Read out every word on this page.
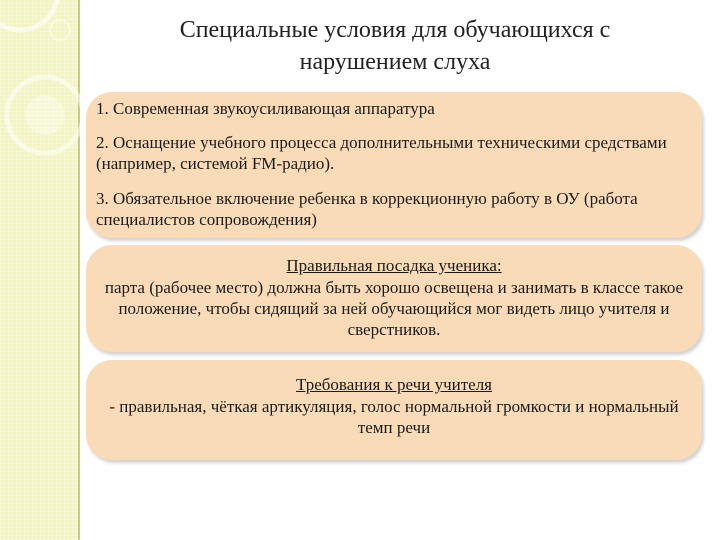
Специальные условия для обучающихся с
нарушением слуха
1. Современная звукоусиливающая аппаратура
2. Оснащение учебного процесса дополнительными техническими средствами (например, системой FM-радио).
3. Обязательное включение ребенка в коррекционную работу в ОУ (работа специалистов сопровождения)
Правильная посадка ученика:
парта (рабочее место) должна быть хорошо освещена и занимать в классе такое положение, чтобы сидящий за ней обучающийся мог видеть лицо учителя и сверстников.
Требования к речи учителя
- правильная, чёткая артикуляция, голос нормальной громкости и нормальный темп речи
